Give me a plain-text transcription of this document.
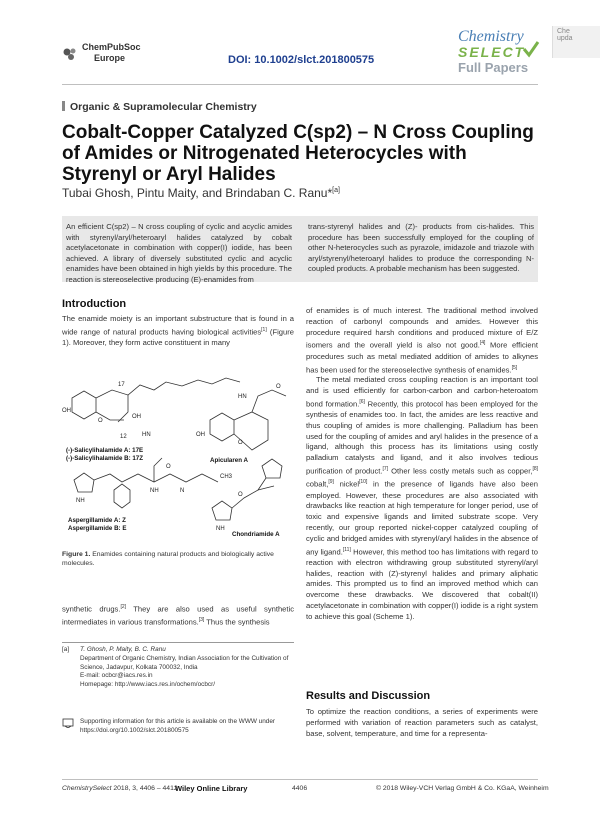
ChemPubSoc
Europe	DOI: 10.1002/slct.201800575
Chemistry
SELECT
Full Papers
Che
upda
Organic & Supramolecular Chemistry
Cobalt-Copper Catalyzed C(sp2) – N Cross Coupling of Amides or Nitrogenated Heterocycles with Styrenyl or Aryl Halides
Tubai Ghosh, Pintu Maity, and Brindaban C. Ranu*[a]
An efficient C(sp2) – N cross coupling of cyclic and acyclic amides with styrenyl/aryl/heteroaryl halides catalyzed by cobalt acetylacetonate in combination with copper(I) iodide, has been achieved. A library of diversely substituted cyclic and acyclic enamides have been obtained in high yields by this procedure. The reaction is stereoselective producing (E)-enamides from
trans-styrenyl halides and (Z)- products from cis-halides. This procedure has been successfully employed for the coupling of other N-heterocycles such as pyrazole, imidazole and triazole with aryl/styrenyl/heteroaryl halides to produce the corresponding N-coupled products. A probable mechanism has been suggested.
Introduction
The enamide moiety is an important substructure that is found in a wide range of natural products having biological activities[1] (Figure 1). Moreover, they form active constituent in many
17
12
OH
OH
O
HN
HN
O
OH
O
NH
NH	N
O
CH3
O
NH
(-)-Salicylihalamide A: 17E
(-)-Salicylihalamide B: 17Z	Apicularen A
Aspergillamide A: Z
Aspergillamide B: E
Chondriamide A
Figure 1. Enamides containing natural products and biologically active molecules.
synthetic drugs.[2] They are also used as useful synthetic intermediates in various transformations.[3] Thus the synthesis
[a]	T. Ghosh, P. Maity, B. C. Ranu
Department of Organic Chemistry, Indian Association for the Cultivation of Science, Jadavpur, Kolkata 700032, India
E-mail: ocbcr@iacs.res.in
Homepage: http://www.iacs.res.in/ochem/ocbcr/
Supporting information for this article is available on the WWW under https://doi.org/10.1002/slct.201800575
of enamides is of much interest. The traditional method involved reaction of carbonyl compounds and amides. However this procedure required harsh conditions and produced mixture of E/Z isomers and the overall yield is also not good.[4] More efficient procedures such as metal mediated addition of amides to alkynes has been used for the stereoselective synthesis of enamides.[5]
The metal mediated cross coupling reaction is an important tool and is used efficiently for carbon-carbon and carbon-heteroatom bond formation.[6] Recently, this protocol has been employed for the synthesis of enamides too. In fact, the amides are less reactive and thus coupling of amides is more challenging. Palladium has been used for the coupling of amides and aryl halides in the presence of a ligand, although this process has its limitations using costly palladium catalysts and ligand, and it also involves tedious purification of product.[7] Other less costly metals such as copper,[8] cobalt,[9] nickel[10] in the presence of ligands have also been employed. However, these procedures are also associated with drawbacks like reaction at high temperature for longer period, use of toxic and expensive ligands and limited substrate scope. Very recently, our group reported nickel-copper catalyzed coupling of cyclic and bridged amides with styrenyl/aryl halides in the absence of any ligand.[11] However, this method too has limitations with regard to reaction with electron withdrawing group substituted styrenyl/aryl halides, reaction with (Z)-styrenyl halides and primary aliphatic amides. This prompted us to find an improved method which can overcome these drawbacks. We discovered that cobalt(II) acetylacetonate in combination with copper(I) iodide is a right system to achieve this goal (Scheme 1).
Results and Discussion
To optimize the reaction conditions, a series of experiments were performed with variation of reaction parameters such as catalyst, base, solvent, temperature, and time for a representa-
ChemistrySelect 2018, 3, 4406 – 4412
Wiley Online Library	4406	© 2018 Wiley-VCH Verlag GmbH & Co. KGaA, Weinheim
